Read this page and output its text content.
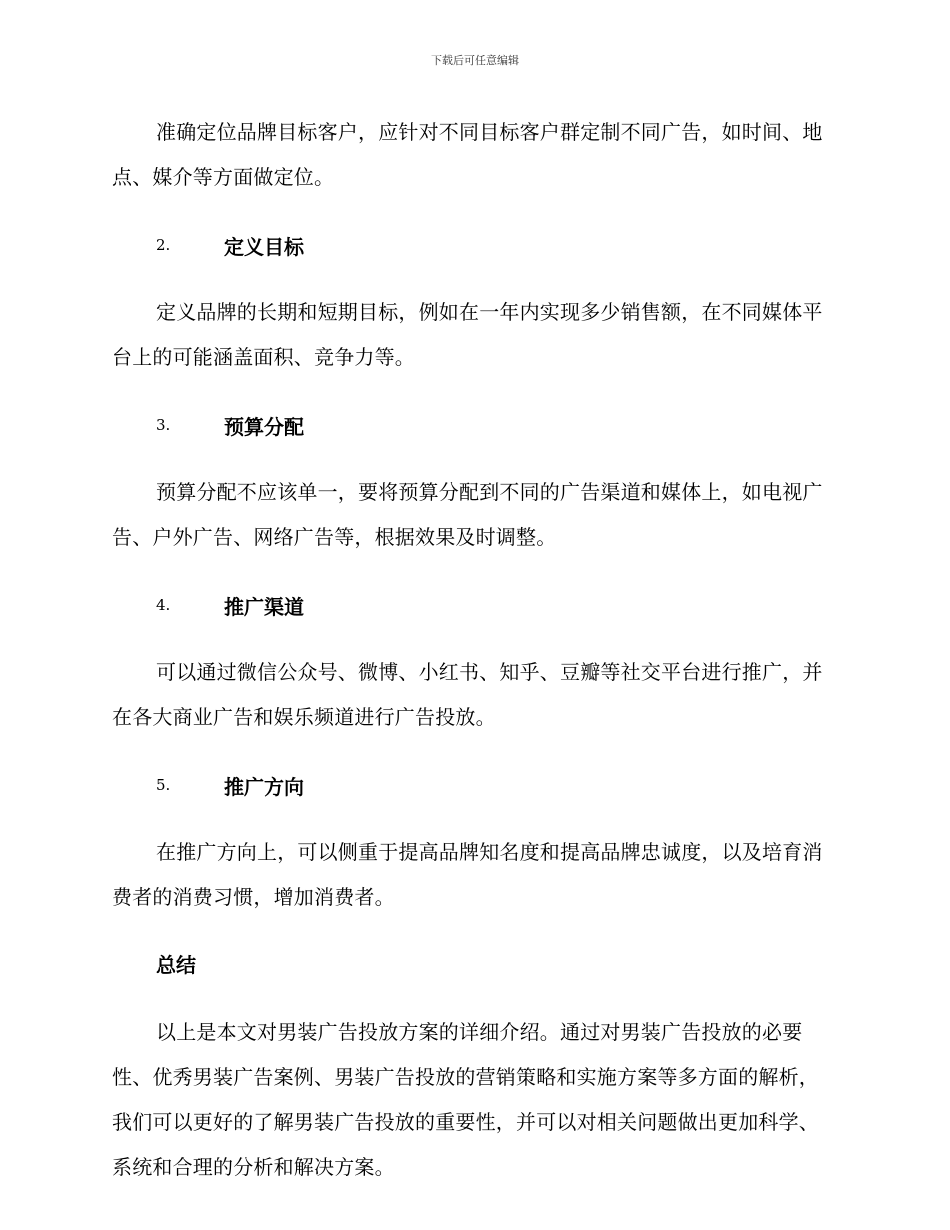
下载后可任意编辑

准确定位品牌目标客户，应针对不同目标客户群定制不同广告，如时间、地点、媒介等方面做定位。

2.	定义目标

定义品牌的长期和短期目标，例如在一年内实现多少销售额，在不同媒体平台上的可能涵盖面积、竞争力等。

3.	预算分配

预算分配不应该单一，要将预算分配到不同的广告渠道和媒体上，如电视广告、户外广告、网络广告等，根据效果及时调整。

4.	推广渠道

可以通过微信公众号、微博、小红书、知乎、豆瓣等社交平台进行推广，并在各大商业广告和娱乐频道进行广告投放。

5.	推广方向

在推广方向上，可以侧重于提高品牌知名度和提高品牌忠诚度，以及培育消费者的消费习惯，增加消费者。

总结

以上是本文对男装广告投放方案的详细介绍。通过对男装广告投放的必要性、优秀男装广告案例、男装广告投放的营销策略和实施方案等多方面的解析，我们可以更好的了解男装广告投放的重要性，并可以对相关问题做出更加科学、系统和合理的分析和解决方案。
